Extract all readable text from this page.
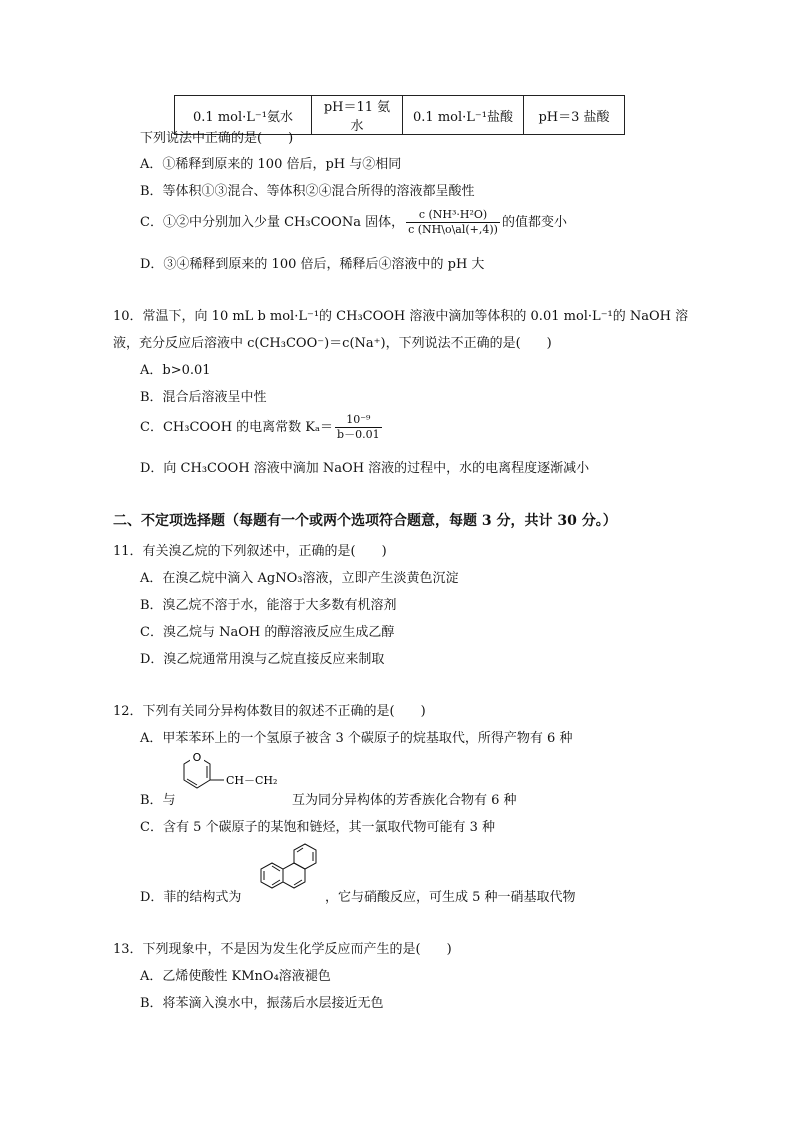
0.1 mol·L⁻¹氨水	pH＝11 氨水	0.1 mol·L⁻¹盐酸	pH＝3 盐酸
下列说法中正确的是(　　)
A．①稀释到原来的 100 倍后，pH 与②相同
B．等体积①③混合、等体积②④混合所得的溶液都呈酸性
C．①②中分别加入少量 CH₃COONa 固体， $\frac{\text{c (NH³·H²O)}}{c (NH\backslash o\backslash al(+,4))}$ 的值都变小
D．③④稀释到原来的 100 倍后，稀释后④溶液中的 pH 大
10．常温下，向 10 mL b mol·L⁻¹的 CH₃COOH 溶液中滴加等体积的 0.01 mol·L⁻¹的 NaOH 溶
液，充分反应后溶液中 c(CH₃COO⁻)＝c(Na⁺)，下列说法不正确的是(　　)
A．b>0.01
B．混合后溶液呈中性
C．CH₃COOH 的电离常数 $K_a= \frac{\text{10⁻⁹}}{b-0.01}$
D．向 CH₃COOH 溶液中滴加 NaOH 溶液的过程中，水的电离程度逐渐减小
二、不定项选择题（每题有一个或两个选项符合题意，每题 3 分，共计 30 分。）
11．有关溴乙烷的下列叙述中，正确的是(　　)
A．在溴乙烷中滴入 AgNO₃溶液，立即产生淡黄色沉淀
B．溴乙烷不溶于水，能溶于大多数有机溶剂
C．溴乙烷与 NaOH 的醇溶液反应生成乙醇
D．溴乙烷通常用溴与乙烷直接反应来制取
12．下列有关同分异构体数目的叙述不正确的是(　　)
A．甲苯苯环上的一个氢原子被含 3 个碳原子的烷基取代，所得产物有 6 种
B．与
O
CH－CH₂
互为同分异构体的芳香族化合物有 6 种
C．含有 5 个碳原子的某饱和链烃，其一氯取代物可能有 3 种
D．菲的结构式为	，它与硝酸反应，可生成 5 种一硝基取代物
13．下列现象中，不是因为发生化学反应而产生的是(　　)
A．乙烯使酸性 KMnO₄溶液褪色
B．将苯滴入溴水中，振荡后水层接近无色
